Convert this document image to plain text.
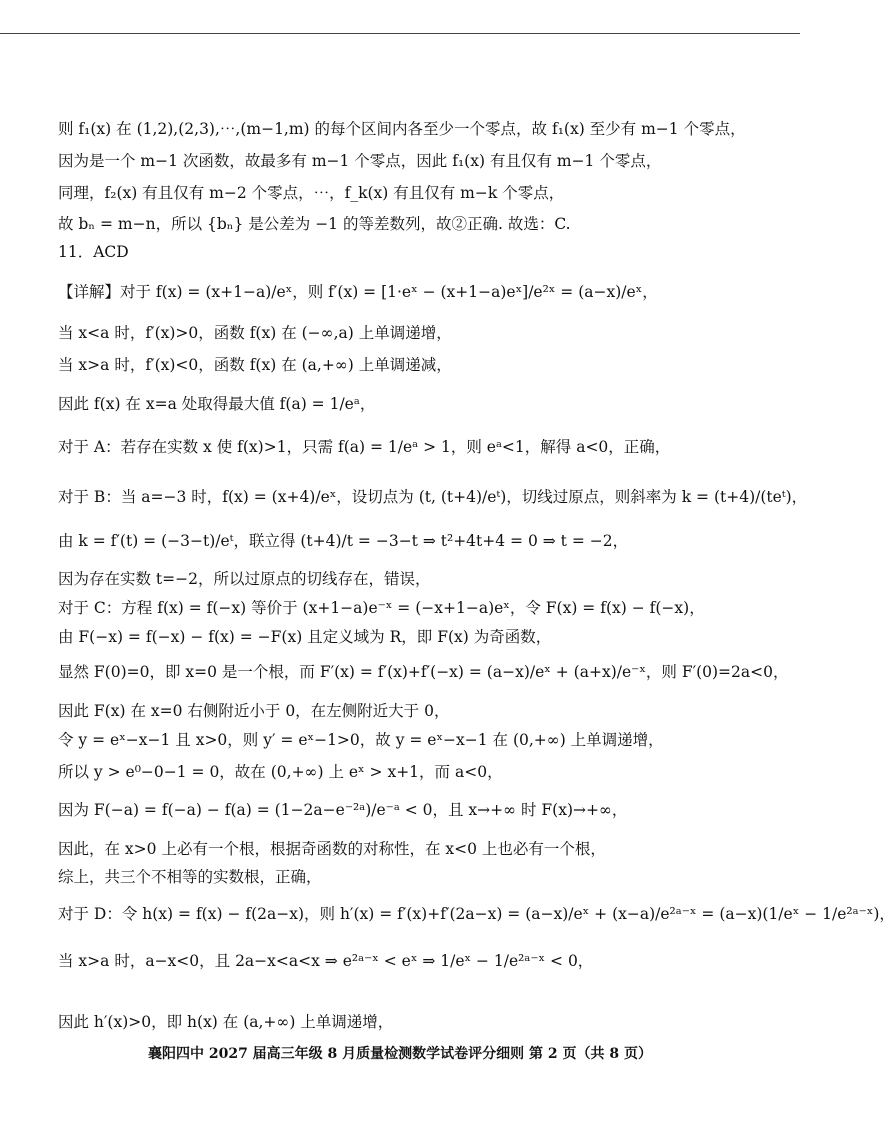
则 f₁(x) 在 (1,2),(2,3),⋯,(m−1,m) 的每个区间内各至少一个零点，故 f₁(x) 至少有 m−1 个零点，
因为是一个 m−1 次函数，故最多有 m−1 个零点，因此 f₁(x) 有且仅有 m−1 个零点，
同理，f₂(x) 有且仅有 m−2 个零点，⋯，f_k(x) 有且仅有 m−k 个零点，
故 bₙ = m−n，所以 {bₙ} 是公差为 −1 的等差数列，故②正确. 故选：C.
11．ACD
【详解】对于 f(x) = (x+1−a)/eˣ，则 f′(x) = [1·eˣ − (x+1−a)eˣ]/e²ˣ = (a−x)/eˣ，
当 x<a 时，f′(x)>0，函数 f(x) 在 (−∞,a) 上单调递增，
当 x>a 时，f′(x)<0，函数 f(x) 在 (a,+∞) 上单调递减，
因此 f(x) 在 x=a 处取得最大值 f(a) = 1/eᵃ，
对于 A：若存在实数 x 使 f(x)>1，只需 f(a) = 1/eᵃ > 1，则 eᵃ<1，解得 a<0，正确，
对于 B：当 a=−3 时，f(x) = (x+4)/eˣ，设切点为 (t, (t+4)/eᵗ)，切线过原点，则斜率为 k = (t+4)/(teᵗ)，
由 k = f′(t) = (−3−t)/eᵗ，联立得 (t+4)/t = −3−t ⇒ t²+4t+4 = 0 ⇒ t = −2，
因为存在实数 t=−2，所以过原点的切线存在，错误，
对于 C：方程 f(x) = f(−x) 等价于 (x+1−a)e⁻ˣ = (−x+1−a)eˣ，令 F(x) = f(x) − f(−x)，
由 F(−x) = f(−x) − f(x) = −F(x) 且定义域为 R，即 F(x) 为奇函数，
显然 F(0)=0，即 x=0 是一个根，而 F′(x) = f′(x)+f′(−x) = (a−x)/eˣ + (a+x)/e⁻ˣ，则 F′(0)=2a<0，
因此 F(x) 在 x=0 右侧附近小于 0，在左侧附近大于 0，
令 y = eˣ−x−1 且 x>0，则 y′ = eˣ−1>0，故 y = eˣ−x−1 在 (0,+∞) 上单调递增，
所以 y > e⁰−0−1 = 0，故在 (0,+∞) 上 eˣ > x+1，而 a<0，
因为 F(−a) = f(−a) − f(a) = (1−2a−e⁻²ᵃ)/e⁻ᵃ < 0，且 x→+∞ 时 F(x)→+∞，
因此，在 x>0 上必有一个根，根据奇函数的对称性，在 x<0 上也必有一个根，
综上，共三个不相等的实数根，正确，
对于 D：令 h(x) = f(x) − f(2a−x)，则 h′(x) = f′(x)+f′(2a−x) = (a−x)/eˣ + (x−a)/e²ᵃ⁻ˣ = (a−x)(1/eˣ − 1/e²ᵃ⁻ˣ)，
当 x>a 时，a−x<0，且 2a−x<a<x ⇒ e²ᵃ⁻ˣ < eˣ ⇒ 1/eˣ − 1/e²ᵃ⁻ˣ < 0，
因此 h′(x)>0，即 h(x) 在 (a,+∞) 上单调递增，
襄阳四中 2027 届高三年级 8 月质量检测数学试卷评分细则 第 2 页（共 8 页）
